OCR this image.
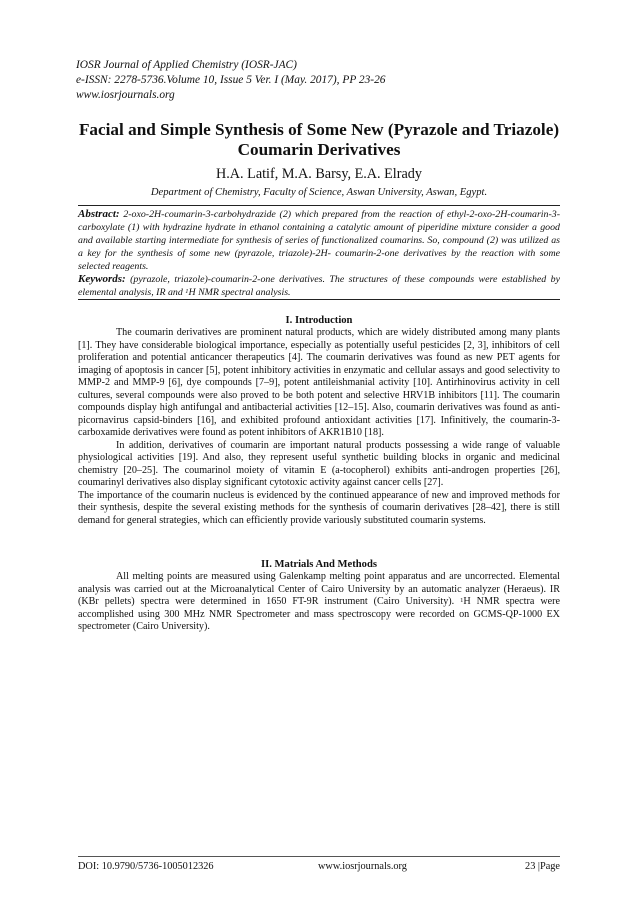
IOSR Journal of Applied Chemistry (IOSR-JAC)
e-ISSN: 2278-5736.Volume 10, Issue 5 Ver. I (May. 2017), PP 23-26
www.iosrjournals.org
Facial and Simple Synthesis of Some New (Pyrazole and Triazole)
Coumarin Derivatives
H.A. Latif, M.A. Barsy, E.A. Elrady
Department of Chemistry, Faculty of Science, Aswan University, Aswan, Egypt.
Abstract: 2-oxo-2H-coumarin-3-carbohydrazide (2) which prepared from the reaction of ethyl-2-oxo-2H-coumarin-3-carboxylate (1) with hydrazine hydrate in ethanol containing a catalytic amount of piperidine mixture consider a good and available starting intermediate for synthesis of series of functionalized coumarins. So, compound (2) was utilized as a key for the synthesis of some new (pyrazole, triazole)-2H- coumarin-2-one derivatives by the reaction with some selected reagents.
Keywords: (pyrazole, triazole)-coumarin-2-one derivatives. The structures of these compounds were established by elemental analysis, IR and $^1$H NMR spectral analysis.
I. Introduction

The coumarin derivatives are prominent natural products, which are widely distributed among many plants [1]. They have considerable biological importance, especially as potentially useful pesticides [2, 3], inhibitors of cell proliferation and potential anticancer therapeutics [4]. The coumarin derivatives was found as new PET agents for imaging of apoptosis in cancer [5], potent inhibitory activities in enzymatic and cellular assays and good selectivity to MMP-2 and MMP-9 [6], dye compounds [7–9], potent antileishmanial activity [10]. Antirhinovirus activity in cell cultures, several compounds were also proved to be both potent and selective HRV1B inhibitors [11]. The coumarin compounds display high antifungal and antibacterial activities [12–15]. Also, coumarin derivatives was found as anti-picornavirus capsid-binders [16], and exhibited profound antioxidant activities [17]. Infinitively, the coumarin-3-carboxamide derivatives were found as potent inhibitors of AKR1B10 [18].

In addition, derivatives of coumarin are important natural products possessing a wide range of valuable physiological activities [19]. And also, they represent useful synthetic building blocks in organic and medicinal chemistry [20–25]. The coumarinol moiety of vitamin E (a-tocopherol) exhibits anti-androgen properties [26], coumarinyl derivatives also display significant cytotoxic activity against cancer cells [27].

The importance of the coumarin nucleus is evidenced by the continued appearance of new and improved methods for their synthesis, despite the several existing methods for the synthesis of coumarin derivatives [28–42], there is still demand for general strategies, which can efficiently provide variously substituted coumarin systems.

II. Matrials And Methods

All melting points are measured using Galenkamp melting point apparatus and are uncorrected. Elemental analysis was carried out at the Microanalytical Center of Cairo University by an automatic analyzer (Heraeus). IR (KBr pellets) spectra were determined in 1650 FT-9R instrument (Cairo University). $^1$H NMR spectra were accomplished using 300 MHz NMR Spectrometer and mass spectroscopy were recorded on GCMS-QP-1000 EX spectrometer (Cairo University).

DOI: 10.9790/5736-1005012326	www.iosrjournals.org	23 |Page
